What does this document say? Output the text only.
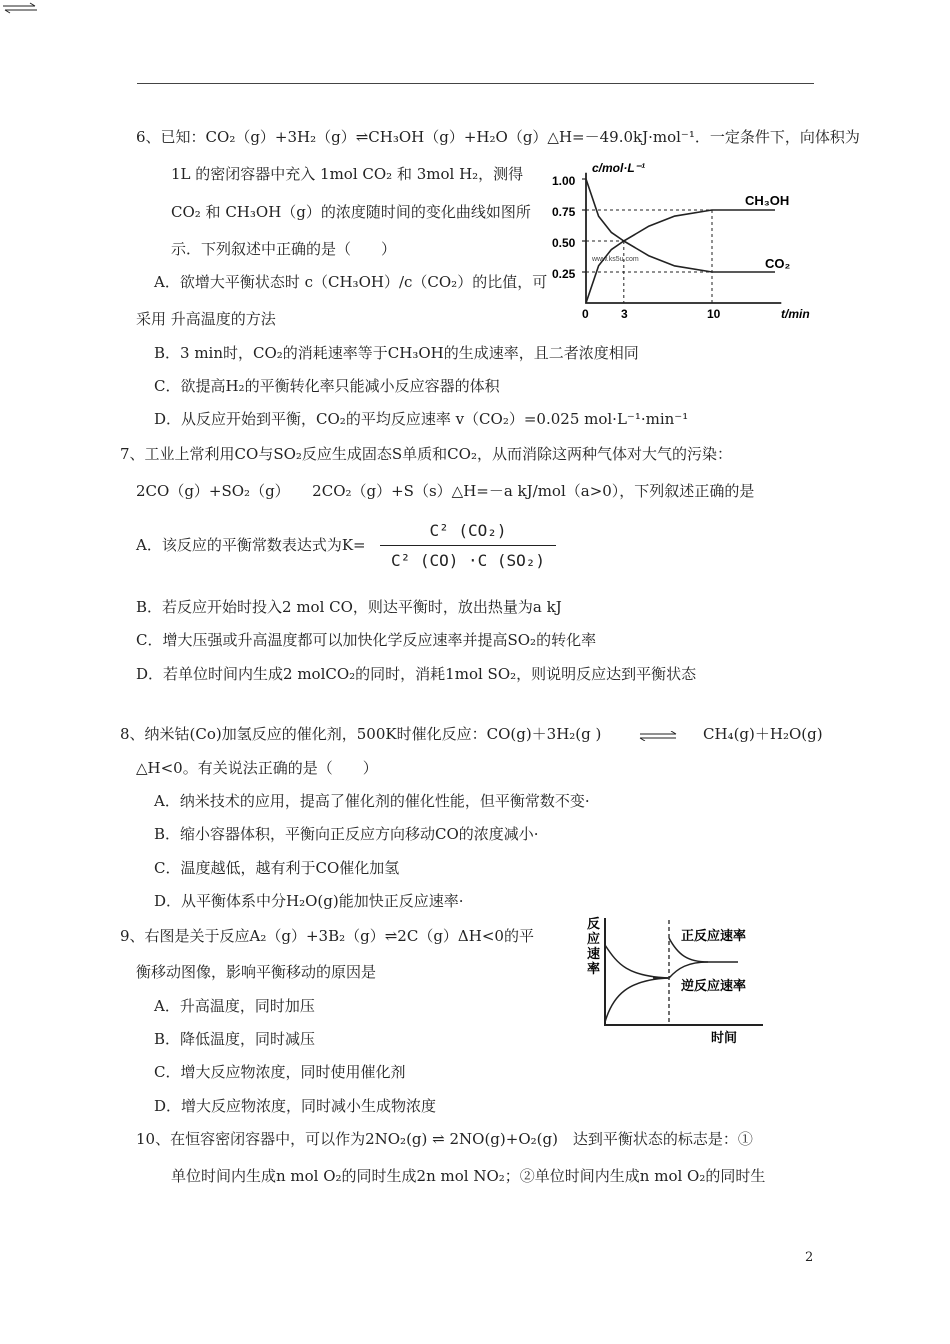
6、已知：CO₂（g）+3H₂（g）⇌CH₃OH（g）+H₂O（g）△H=－49.0kJ·mol⁻¹．一定条件下，向体积为
1L 的密闭容器中充入 1mol CO₂ 和 3mol H₂，测得
CO₂ 和 CH₃OH（g）的浓度随时间的变化曲线如图所
示．下列叙述中正确的是（　　）
A．欲增大平衡状态时 c（CH₃OH）/c（CO₂）的比值，可
采用 升高温度的方法
B．3 min时，CO₂的消耗速率等于CH₃OH的生成速率，且二者浓度相同
C．欲提高H₂的平衡转化率只能减小反应容器的体积
D．从反应开始到平衡，CO₂的平均反应速率 v（CO₂）=0.025 mol·L⁻¹·min⁻¹
c/mol·L⁻¹
1.00
0.75
0.50
0.25
0	3	10	t/min
CH₃OH
CO₂
www.ks5u.com
7、工业上常利用CO与SO₂反应生成固态S单质和CO₂，从而消除这两种气体对大气的污染：
2CO（g）+SO₂（g）　　2CO₂（g）+S（s）△H=－a kJ/mol（a>0），下列叙述正确的是
A．该反应的平衡常数表达式为K=
C² (CO₂)
C² (CO) ·C (SO₂)
B．若反应开始时投入2 mol CO，则达平衡时，放出热量为a kJ
C．增大压强或升高温度都可以加快化学反应速率并提高SO₂的转化率
D．若单位时间内生成2 molCO₂的同时，消耗1mol SO₂，则说明反应达到平衡状态
8、纳米钴(Co)加氢反应的催化剂，500K时催化反应：CO(g)＋3H₂(g )	CH₄(g)＋H₂O(g)
△H<0。有关说法正确的是（　　）
A．纳米技术的应用，提高了催化剂的催化性能，但平衡常数不变·
B．缩小容器体积，平衡向正反应方向移动CO的浓度减小·
C．温度越低，越有利于CO催化加氢
D．从平衡体系中分H₂O(g)能加快正反应速率·
9、右图是关于反应A₂（g）+3B₂（g）⇌2C（g）ΔH<0的平
衡移动图像，影响平衡移动的原因是
A．升高温度，同时加压
B．降低温度，同时减压
C．增大反应物浓度，同时使用催化剂
D．增大反应物浓度，同时减小生成物浓度
反
应
速
率
正反应速率
逆反应速率
时间
10、在恒容密闭容器中，可以作为2NO₂(g) ⇌ 2NO(g)+O₂(g)　达到平衡状态的标志是：①
单位时间内生成n mol O₂的同时生成2n mol NO₂；②单位时间内生成n mol O₂的同时生
2
